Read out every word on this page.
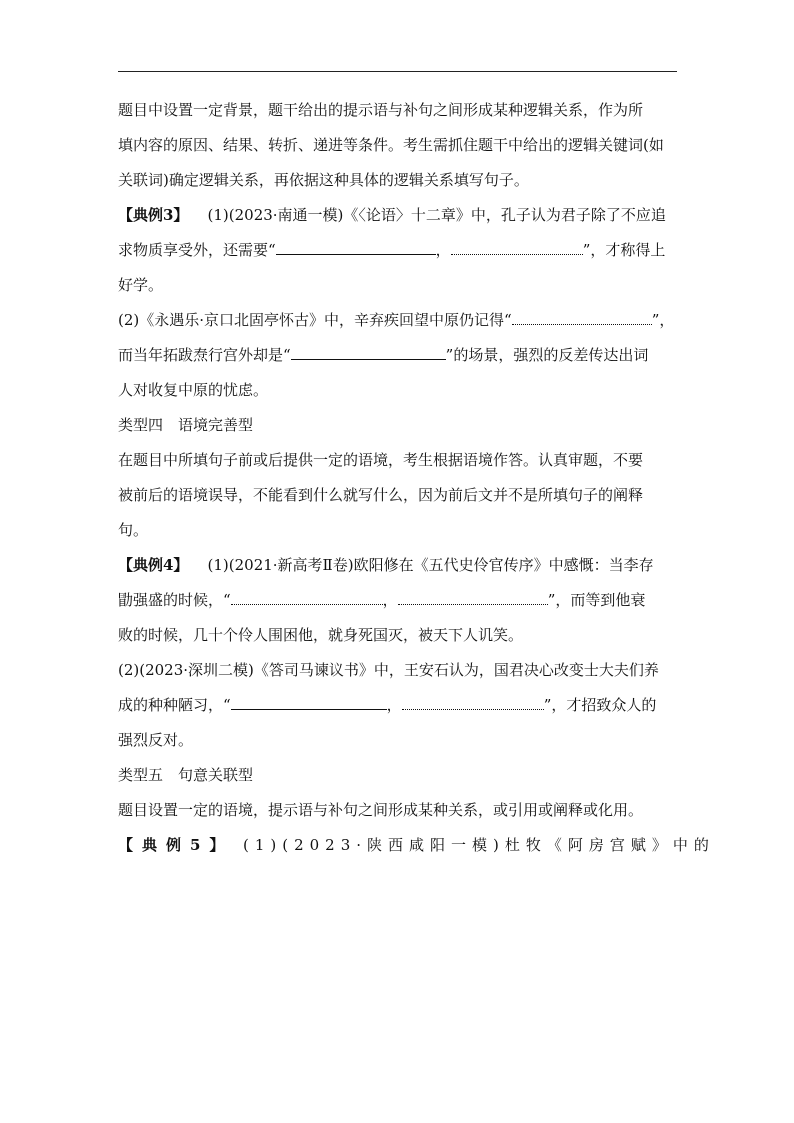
题目中设置一定背景，题干给出的提示语与补句之间形成某种逻辑关系，作为所
填内容的原因、结果、转折、递进等条件。考生需抓住题干中给出的逻辑关键词(如
关联词)确定逻辑关系，再依据这种具体的逻辑关系填写句子。
【典例3】 (1)(2023·南通一模)《〈论语〉十二章》中，孔子认为君子除了不应追
求物质享受外，还需要“	，	”，才称得上
好学。
(2)《永遇乐·京口北固亭怀古》中，辛弃疾回望中原仍记得“	”，
而当年拓跋焘行宫外却是“	”的场景，强烈的反差传达出词
人对收复中原的忧虑。
类型四　语境完善型
在题目中所填句子前或后提供一定的语境，考生根据语境作答。认真审题，不要
被前后的语境误导，不能看到什么就写什么，因为前后文并不是所填句子的阐释
句。
【典例4】 (1)(2021·新高考Ⅱ卷)欧阳修在《五代史伶官传序》中感慨：当李存
勖强盛的时候，“	，	”，而等到他衰
败的时候，几十个伶人围困他，就身死国灭，被天下人讥笑。
(2)(2023·深圳二模)《答司马谏议书》中，王安石认为，国君决心改变士大夫们养
成的种种陋习，“	，	”，才招致众人的
强烈反对。
类型五　句意关联型
题目设置一定的语境，提示语与补句之间形成某种关系，或引用或阐释或化用。
【典例5】 (1)(2023·陕西咸阳一模)杜牧《阿房宫赋》中的
